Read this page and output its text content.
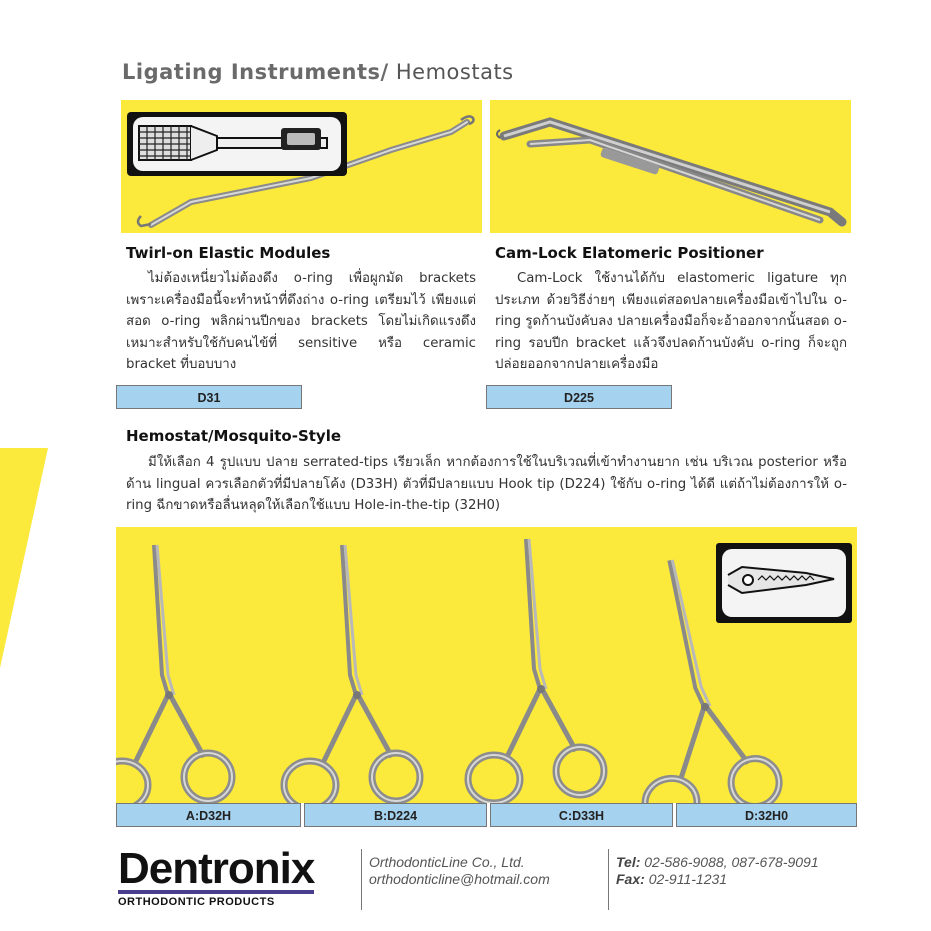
Ligating Instruments/ Hemostats
Twirl-on Elastic Modules
ไม่ต้องเหนี่ยวไม่ต้องดึง o-ring เพื่อผูกมัด brackets เพราะเครื่องมือนี้จะทำหน้าที่ดึงถ่าง o-ring เตรียมไว้ เพียงแต่สอด o-ring พลิกผ่านปีกของ brackets โดยไม่เกิดแรงดึง เหมาะสำหรับใช้กับคนไข้ที่ sensitive หรือ ceramic bracket ที่บอบบาง
D31
Cam-Lock Elatomeric Positioner
Cam-Lock ใช้งานได้กับ elastomeric ligature ทุกประเภท ด้วยวิธีง่ายๆ เพียงแต่สอดปลายเครื่องมือเข้าไปใน o-ring รูดก้านบังคับลง ปลายเครื่องมือก็จะอ้าออกจากนั้นสอด o-ring รอบปีก bracket แล้วจึงปลดก้านบังคับ o-ring ก็จะถูกปล่อยออกจากปลายเครื่องมือ
D225
Hemostat/Mosquito-Style
มีให้เลือก 4 รูปแบบ ปลาย serrated-tips เรียวเล็ก หากต้องการใช้ในบริเวณที่เข้าทำงานยาก เช่น บริเวณ posterior หรือด้าน lingual ควรเลือกตัวที่มีปลายโค้ง (D33H) ตัวที่มีปลายแบบ Hook tip (D224) ใช้กับ o-ring ได้ดี แต่ถ้าไม่ต้องการให้ o-ring ฉีกขาดหรือลื่นหลุดให้เลือกใช้แบบ Hole-in-the-tip (32H0)
A:D32H	B:D224	C:D33H	D:32H0
Dentronix
ORTHODONTIC PRODUCTS
OrthodonticLine Co., Ltd.
orthodonticline@hotmail.com
Tel: 02-586-9088, 087-678-9091
Fax: 02-911-1231
